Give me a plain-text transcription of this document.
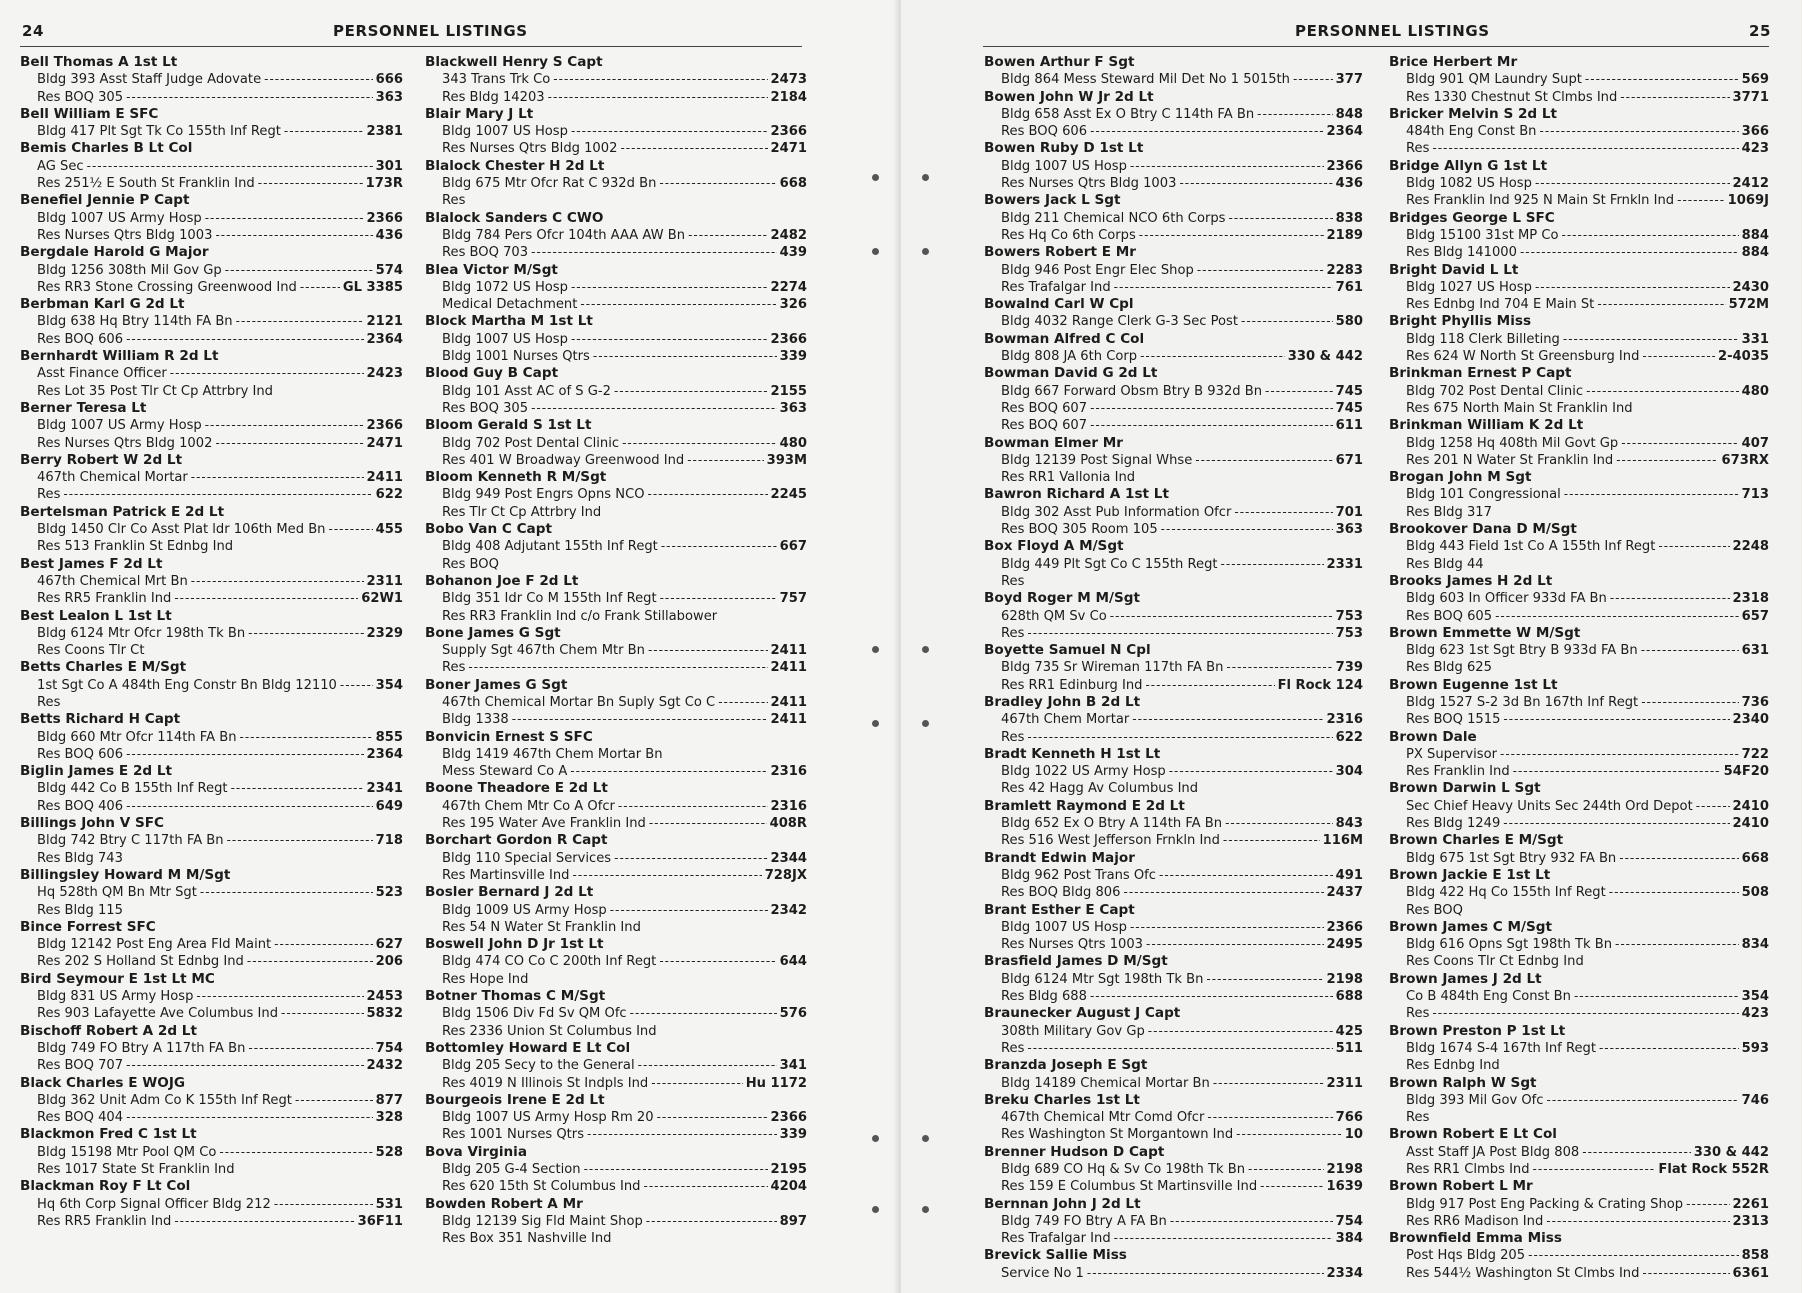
24	PERSONNEL LISTINGS
Bell Thomas A 1st Lt
Bldg 393 Asst Staff Judge Adovate -----	666
Res BOQ 305 -----	363
Bell William E SFC
Bldg 417 Plt Sgt Tk Co 155th Inf Regt -----	2381
Bemis Charles B Lt Col
AG Sec -----	301
Res 251½ E South St Franklin Ind -----	173R
Benefiel Jennie P Capt
Bldg 1007 US Army Hosp -----	2366
Res Nurses Qtrs Bldg 1003 -----	436
Bergdale Harold G Major
Bldg 1256 308th Mil Gov Gp -----	574
Res RR3 Stone Crossing Greenwood Ind -----	GL 3385
Berbman Karl G 2d Lt
Bldg 638 Hq Btry 114th FA Bn -----	2121
Res BOQ 606 -----	2364
Bernhardt William R 2d Lt
Asst Finance Officer -----	2423
Res Lot 35 Post Tlr Ct Cp Attrbry Ind
Berner Teresa Lt
Bldg 1007 US Army Hosp -----	2366
Res Nurses Qtrs Bldg 1002 -----	2471
Berry Robert W 2d Lt
467th Chemical Mortar -----	2411
Res -----	622
Bertelsman Patrick E 2d Lt
Bldg 1450 Clr Co Asst Plat ldr 106th Med Bn -----	455
Res 513 Franklin St Ednbg Ind
Best James F 2d Lt
467th Chemical Mrt Bn -----	2311
Res RR5 Franklin Ind -----	62W1
Best Lealon L 1st Lt
Bldg 6124 Mtr Ofcr 198th Tk Bn -----	2329
Res Coons Tlr Ct
Betts Charles E M/Sgt
1st Sgt Co A 484th Eng Constr Bn Bldg 12110 -----	354
Res
Betts Richard H Capt
Bldg 660 Mtr Ofcr 114th FA Bn -----	855
Res BOQ 606 -----	2364
Biglin James E 2d Lt
Bldg 442 Co B 155th Inf Regt -----	2341
Res BOQ 406 -----	649
Billings John V SFC
Bldg 742 Btry C 117th FA Bn -----	718
Res Bldg 743
Billingsley Howard M M/Sgt
Hq 528th QM Bn Mtr Sgt -----	523
Res Bldg 115
Bince Forrest SFC
Bldg 12142 Post Eng Area Fld Maint -----	627
Res 202 S Holland St Ednbg Ind -----	206
Bird Seymour E 1st Lt MC
Bldg 831 US Army Hosp -----	2453
Res 903 Lafayette Ave Columbus Ind -----	5832
Bischoff Robert A 2d Lt
Bldg 749 FO Btry A 117th FA Bn -----	754
Res BOQ 707 -----	2432
Black Charles E WOJG
Bldg 362 Unit Adm Co K 155th Inf Regt -----	877
Res BOQ 404 -----	328
Blackmon Fred C 1st Lt
Bldg 15198 Mtr Pool QM Co -----	528
Res 1017 State St Franklin Ind
Blackman Roy F Lt Col
Hq 6th Corp Signal Officer Bldg 212 -----	531
Res RR5 Franklin Ind -----	36F11
Blackwell Henry S Capt
343 Trans Trk Co -----	2473
Res Bldg 14203 -----	2184
Blair Mary J Lt
Bldg 1007 US Hosp -----	2366
Res Nurses Qtrs Bldg 1002 -----	2471
Blalock Chester H 2d Lt
Bldg 675 Mtr Ofcr Rat C 932d Bn -----	668
Res
Blalock Sanders C CWO
Bldg 784 Pers Ofcr 104th AAA AW Bn -----	2482
Res BOQ 703 -----	439
Blea Victor M/Sgt
Bldg 1072 US Hosp -----	2274
Medical Detachment -----	326
Block Martha M 1st Lt
Bldg 1007 US Hosp -----	2366
Bldg 1001 Nurses Qtrs -----	339
Blood Guy B Capt
Bldg 101 Asst AC of S G-2 -----	2155
Res BOQ 305 -----	363
Bloom Gerald S 1st Lt
Bldg 702 Post Dental Clinic -----	480
Res 401 W Broadway Greenwood Ind -----	393M
Bloom Kenneth R M/Sgt
Bldg 949 Post Engrs Opns NCO -----	2245
Res Tlr Ct Cp Attrbry Ind
Bobo Van C Capt
Bldg 408 Adjutant 155th Inf Regt -----	667
Res BOQ
Bohanon Joe F 2d Lt
Bldg 351 Idr Co M 155th Inf Regt -----	757
Res RR3 Franklin Ind c/o Frank Stillabower
Bone James G Sgt
Supply Sgt 467th Chem Mtr Bn -----	2411
Res -----	2411
Boner James G Sgt
467th Chemical Mortar Bn Suply Sgt Co C -----	2411
Bldg 1338 -----	2411
Bonvicin Ernest S SFC
Bldg 1419 467th Chem Mortar Bn
Mess Steward Co A -----	2316
Boone Theadore E 2d Lt
467th Chem Mtr Co A Ofcr -----	2316
Res 195 Water Ave Franklin Ind -----	408R
Borchart Gordon R Capt
Bldg 110 Special Services -----	2344
Res Martinsville Ind -----	728JX
Bosler Bernard J 2d Lt
Bldg 1009 US Army Hosp -----	2342
Res 54 N Water St Franklin Ind
Boswell John D Jr 1st Lt
Bldg 474 CO Co C 200th Inf Regt -----	644
Res Hope Ind
Botner Thomas C M/Sgt
Bldg 1506 Div Fd Sv QM Ofc -----	576
Res 2336 Union St Columbus Ind
Bottomley Howard E Lt Col
Bldg 205 Secy to the General -----	341
Res 4019 N Illinois St Indpls Ind -----	Hu 1172
Bourgeois Irene E 2d Lt
Bldg 1007 US Army Hosp Rm 20 -----	2366
Res 1001 Nurses Qtrs -----	339
Bova Virginia
Bldg 205 G-4 Section -----	2195
Res 620 15th St Columbus Ind -----	4204
Bowden Robert A Mr
Bldg 12139 Sig Fld Maint Shop -----	897
Res Box 351 Nashville Ind
PERSONNEL LISTINGS	25
Bowen Arthur F Sgt
Bldg 864 Mess Steward Mil Det No 1 5015th -----	377
Bowen John W Jr 2d Lt
Bldg 658 Asst Ex O Btry C 114th FA Bn -----	848
Res BOQ 606 -----	2364
Bowen Ruby D 1st Lt
Bldg 1007 US Hosp -----	2366
Res Nurses Qtrs Bldg 1003 -----	436
Bowers Jack L Sgt
Bldg 211 Chemical NCO 6th Corps -----	838
Res Hq Co 6th Corps -----	2189
Bowers Robert E Mr
Bldg 946 Post Engr Elec Shop -----	2283
Res Trafalgar Ind -----	761
Bowalnd Carl W Cpl
Bldg 4032 Range Clerk G-3 Sec Post -----	580
Bowman Alfred C Col
Bldg 808 JA 6th Corp -----	330 & 442
Bowman David G 2d Lt
Bldg 667 Forward Obsm Btry B 932d Bn -----	745
Res BOQ 607 -----	745
Res BOQ 607 -----	611
Bowman Elmer Mr
Bldg 12139 Post Signal Whse -----	671
Res RR1 Vallonia Ind
Bawron Richard A 1st Lt
Bldg 302 Asst Pub Information Ofcr -----	701
Res BOQ 305 Room 105 -----	363
Box Floyd A M/Sgt
Bldg 449 Plt Sgt Co C 155th Regt -----	2331
Res
Boyd Roger M M/Sgt
628th QM Sv Co -----	753
Res -----	753
Boyette Samuel N Cpl
Bldg 735 Sr Wireman 117th FA Bn -----	739
Res RR1 Edinburg Ind -----	Fl Rock 124
Bradley John B 2d Lt
467th Chem Mortar -----	2316
Res -----	622
Bradt Kenneth H 1st Lt
Bldg 1022 US Army Hosp -----	304
Res 42 Hagg Av Columbus Ind
Bramlett Raymond E 2d Lt
Bldg 652 Ex O Btry A 114th FA Bn -----	843
Res 516 West Jefferson Frnkln Ind -----	116M
Brandt Edwin Major
Bldg 962 Post Trans Ofc -----	491
Res BOQ Bldg 806 -----	2437
Brant Esther E Capt
Bldg 1007 US Hosp -----	2366
Res Nurses Qtrs 1003 -----	2495
Brasfield James D M/Sgt
Bldg 6124 Mtr Sgt 198th Tk Bn -----	2198
Res Bldg 688 -----	688
Braunecker August J Capt
308th Military Gov Gp -----	425
Res -----	511
Branzda Joseph E Sgt
Bldg 14189 Chemical Mortar Bn -----	2311
Breku Charles 1st Lt
467th Chemical Mtr Comd Ofcr -----	766
Res Washington St Morgantown Ind -----	10
Brenner Hudson D Capt
Bldg 689 CO Hq & Sv Co 198th Tk Bn -----	2198
Res 159 E Columbus St Martinsville Ind -----	1639
Bernnan John J 2d Lt
Bldg 749 FO Btry A FA Bn -----	754
Res Trafalgar Ind -----	384
Brevick Sallie Miss
Service No 1 -----	2334
Brice Herbert Mr
Bldg 901 QM Laundry Supt -----	569
Res 1330 Chestnut St Clmbs Ind -----	3771
Bricker Melvin S 2d Lt
484th Eng Const Bn -----	366
Res -----	423
Bridge Allyn G 1st Lt
Bldg 1082 US Hosp -----	2412
Res Franklin Ind 925 N Main St Frnkln Ind -----	1069J
Bridges George L SFC
Bldg 15100 31st MP Co -----	884
Res Bldg 141000 -----	884
Bright David L Lt
Bldg 1027 US Hosp -----	2430
Res Ednbg Ind 704 E Main St -----	572M
Bright Phyllis Miss
Bldg 118 Clerk Billeting -----	331
Res 624 W North St Greensburg Ind -----	2-4035
Brinkman Ernest P Capt
Bldg 702 Post Dental Clinic -----	480
Res 675 North Main St Franklin Ind
Brinkman William K 2d Lt
Bldg 1258 Hq 408th Mil Govt Gp -----	407
Res 201 N Water St Franklin Ind -----	673RX
Brogan John M Sgt
Bldg 101 Congressional -----	713
Res Bldg 317
Brookover Dana D M/Sgt
Bldg 443 Field 1st Co A 155th Inf Regt -----	2248
Res Bldg 44
Brooks James H 2d Lt
Bldg 603 In Officer 933d FA Bn -----	2318
Res BOQ 605 -----	657
Brown Emmette W M/Sgt
Bldg 623 1st Sgt Btry B 933d FA Bn -----	631
Res Bldg 625
Brown Eugenne 1st Lt
Bldg 1527 S-2 3d Bn 167th Inf Regt -----	736
Res BOQ 1515 -----	2340
Brown Dale
PX Supervisor -----	722
Res Franklin Ind -----	54F20
Brown Darwin L Sgt
Sec Chief Heavy Units Sec 244th Ord Depot -----	2410
Res Bldg 1249 -----	2410
Brown Charles E M/Sgt
Bldg 675 1st Sgt Btry 932 FA Bn -----	668
Brown Jackie E 1st Lt
Bldg 422 Hq Co 155th Inf Regt -----	508
Res BOQ
Brown James C M/Sgt
Bldg 616 Opns Sgt 198th Tk Bn -----	834
Res Coons Tlr Ct Ednbg Ind
Brown James J 2d Lt
Co B 484th Eng Const Bn -----	354
Res -----	423
Brown Preston P 1st Lt
Bldg 1674 S-4 167th Inf Regt -----	593
Res Ednbg Ind
Brown Ralph W Sgt
Bldg 393 Mil Gov Ofc -----	746
Res
Brown Robert E Lt Col
Asst Staff JA Post Bldg 808 -----	330 & 442
Res RR1 Clmbs Ind -----	Flat Rock 552R
Brown Robert L Mr
Bldg 917 Post Eng Packing & Crating Shop -----	2261
Res RR6 Madison Ind -----	2313
Brownfield Emma Miss
Post Hqs Bldg 205 -----	858
Res 544½ Washington St Clmbs Ind -----	6361
